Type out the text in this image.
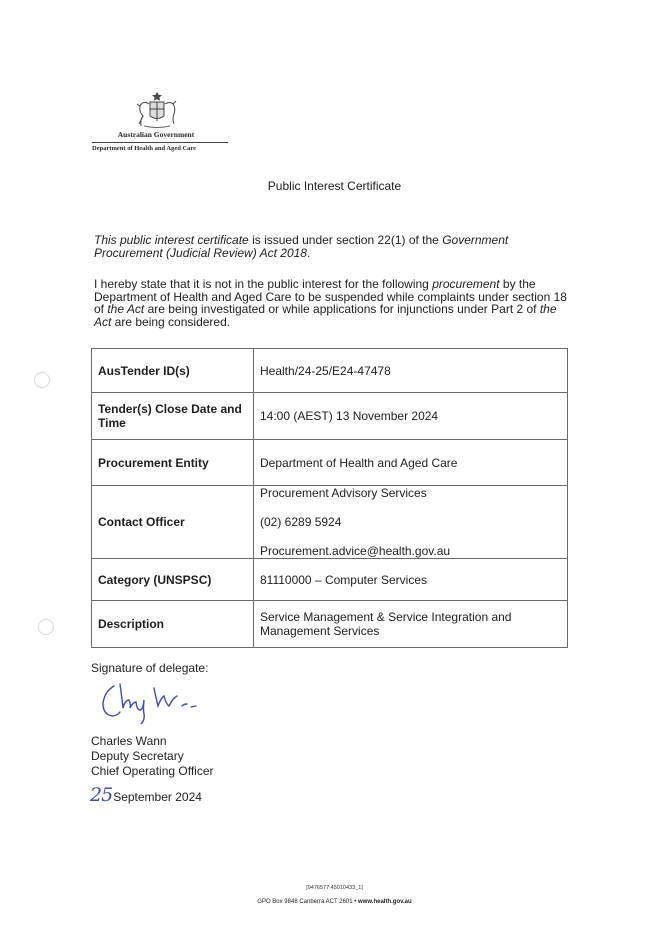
Australian Government
Department of Health and Aged Care
Public Interest Certificate
This public interest certificate is issued under section 22(1) of the Government Procurement (Judicial Review) Act 2018.
I hereby state that it is not in the public interest for the following procurement by the Department of Health and Aged Care to be suspended while complaints under section 18 of the Act are being investigated or while applications for injunctions under Part 2 of the Act are being considered.
AusTender ID(s)	Health/24-25/E24-47478
Tender(s) Close Date and Time	14:00 (AEST) 13 November 2024
Procurement Entity	Department of Health and Aged Care
Contact Officer	Procurement Advisory Services
(02) 6289 5924
Procurement.advice@health.gov.au

Category (UNSPSC)	81110000 – Computer Services
Description	Service Management & Service Integration and Management Services
Signature of delegate:
Charles Wann
Deputy Secretary
Chief Operating Officer
25September 2024
[9476577:45010433_1]
GPO Box 9848 Canberra ACT 2601 • www.health.gov.au
